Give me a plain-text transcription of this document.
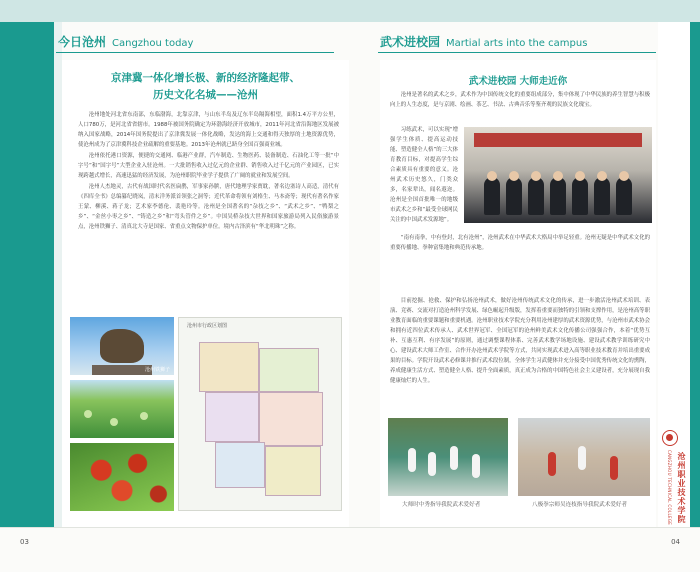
今日沧州 Cangzhou today
京津冀一体化增长极、新的经济隆起带、
历史文化名城——沧州

沧州地处河北省东南部，东临渤海，北靠京津，与山东半岛及辽东半岛隔海相望，面积1.4万平方公里，人口780万，是河北省省辖市。1988年被国务院确定为环渤海经济开放城市，2011年河北省沿海地区发展被纳入国家战略，2014年国务院提出了京津冀发展一体化战略，发达的海上交通和得天独厚的土地资源优势，使沧州成为了京津冀科技企业疏解的重要基地。2013年沧州就已跻身全国百强商业城。

沧州依托港口资源，便捷的交通网、临港产业群，汽车制造、生物医药、装备制造、石油化工等一批“中字号”和“国字号”大型企业入驻沧州。一大批销售收入过亿元的企业群、销售收入过千亿元的产业园区，已实现跨越式增长，高速迅猛的经济发展，为沧州职院毕业学子提供了广阔的就业和发展空间。

沧州人杰地灵，古代有战国时代名医扁鹊，军事家孙膑，唐代地理学家贾耽，著名边塞诗人高适，清代有《四库全书》总编纂纪晓岚，清末洋务派首领张之洞等；近代革命将领有刘格生、马本斋等；现代有著名作家王蒙、柳溪、蒋子龙；艺术家李德伦、裴艳玲等。沧州是全国著名的“杂技之乡”、“武术之乡”、“鸭梨之乡”、“金丝小枣之乡”、“铸造之乡”和“弯头管件之乡”。中国吴桥杂技大世界和国家旅游局列入民俗旅游景点，沧州铁狮子、清真北大寺是国家、省重点文物保护单位。境内古泽滨有“华北明珠”之称。

沧州铁狮子
沧州市行政区划图
03
武术进校园 Martial arts into the campus
武术进校园 大师走近你

沧州是著名的武术之乡，武术作为中国传统文化的重要组成部分，集中体现了中华民族的养生智慧与积极向上的人生态度，是与京剧、绘画、茶艺、书法、古典音乐等鉴齐观的民族文化瑰宝。

习练武术，可以实现“增强学生体质、提高运动技能、塑造健全人格”的三大体育教育目标，对提高学生综合素质具有重要的意义。沧州武术历史悠久，门类众多，名家辈出，闻名遐迩。沧州是全国首批唯一的地级市武术之乡和“最受全球网民关注的中国武术发源地”。

“南有南拳，中有登封，北有沧州”，沧州武术在中华武术大格局中举足轻重。沧州无疑是中华武术文化的重要传播地、拳种富集地和典范传承地。

目前挖掘、抢救、保护和弘扬沧州武术，做好沧州传统武术文化的传承，进一步激活沧州武术培训、表演、竞赛、交流对打造沧州科学发展、绿色崛起升级版，发挥着重要而独特的引领和支撑作用，是沧州高等职业教育面临的重要课题和重要机遇。沧州职业技术学院充分利用沧州建厚的武术资源优势，与沧州市武术协会和拥有近四位武术传承人、武术世界冠军、全国冠军的沧州鲜美武术文化传播公司强强合作，本着“优势互补、互惠互利、有序发展”的原则，通过调整课程体系、完善武术教学场地设施、建设武术教学训练研究中心、建设武术大师工作室、合作开办沧州武术学院等方式，共同实现武术进入高等职业技术教育并培出重要成果的目标。学院开设武术必修课并推行武术段位制，全体学生习武健体并充分接受中国优秀传统文化的熏陶，养成健康生活方式、塑造健全人格、提升全面素质，真正成为合格的中国特色社会主义建设者，充分展现自我健康灿烂的人生。

大师时中秀指导我院武术爱好者	八极拳宗师吴连枝指导我院武术爱好者	沧州职业技术学院
CANGZHOU TECHNICAL COLLEGE
04
